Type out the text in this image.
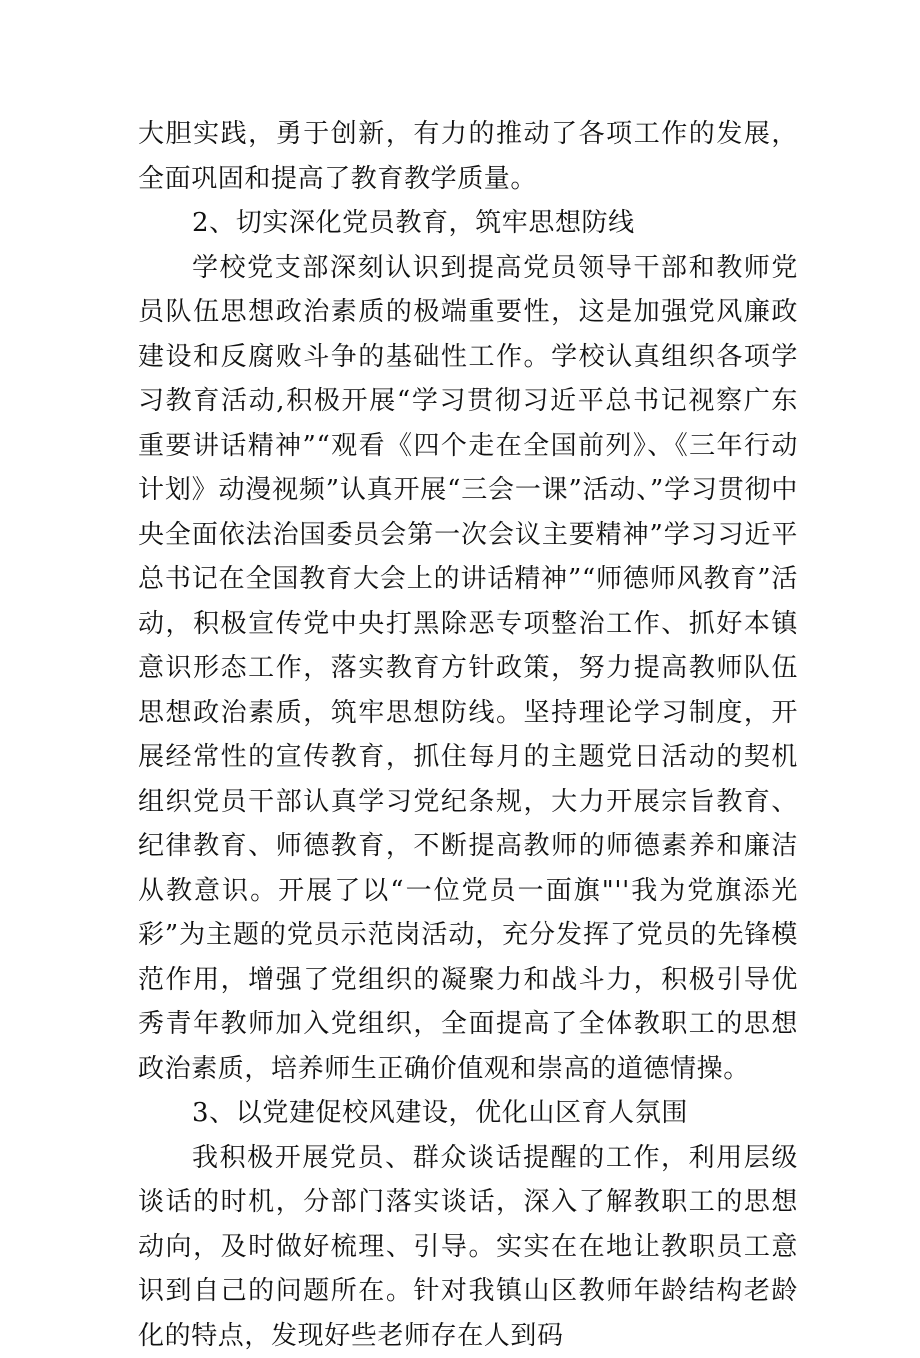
大胆实践，勇于创新，有力的推动了各项工作的发展，全面巩固和提高了教育教学质量。

2、切实深化党员教育，筑牢思想防线

学校党支部深刻认识到提高党员领导干部和教师党员队伍思想政治素质的极端重要性，这是加强党风廉政建设和反腐败斗争的基础性工作。学校认真组织各项学习教育活动,积极开展“学习贯彻习近平总书记视察广东重要讲话精神”“观看《四个走在全国前列》、《三年行动计划》动漫视频”认真开展“三会一课”活动、”学习贯彻中央全面依法治国委员会第一次会议主要精神”学习习近平总书记在全国教育大会上的讲话精神”“师德师风教育”活动，积极宣传党中央打黑除恶专项整治工作、抓好本镇意识形态工作，落实教育方针政策，努力提高教师队伍思想政治素质，筑牢思想防线。坚持理论学习制度，开展经常性的宣传教育，抓住每月的主题党日活动的契机组织党员干部认真学习党纪条规，大力开展宗旨教育、纪律教育、师德教育，不断提高教师的师德素养和廉洁从教意识。开展了以“一位党员一面旗"''我为党旗添光彩”为主题的党员示范岗活动，充分发挥了党员的先锋模范作用，增强了党组织的凝聚力和战斗力，积极引导优秀青年教师加入党组织，全面提高了全体教职工的思想政治素质，培养师生正确价值观和崇高的道德情操。

3、以党建促校风建设，优化山区育人氛围

我积极开展党员、群众谈话提醒的工作，利用层级谈话的时机，分部门落实谈话，深入了解教职工的思想动向，及时做好梳理、引导。实实在在地让教职员工意识到自己的问题所在。针对我镇山区教师年龄结构老龄化的特点，发现好些老师存在人到码
